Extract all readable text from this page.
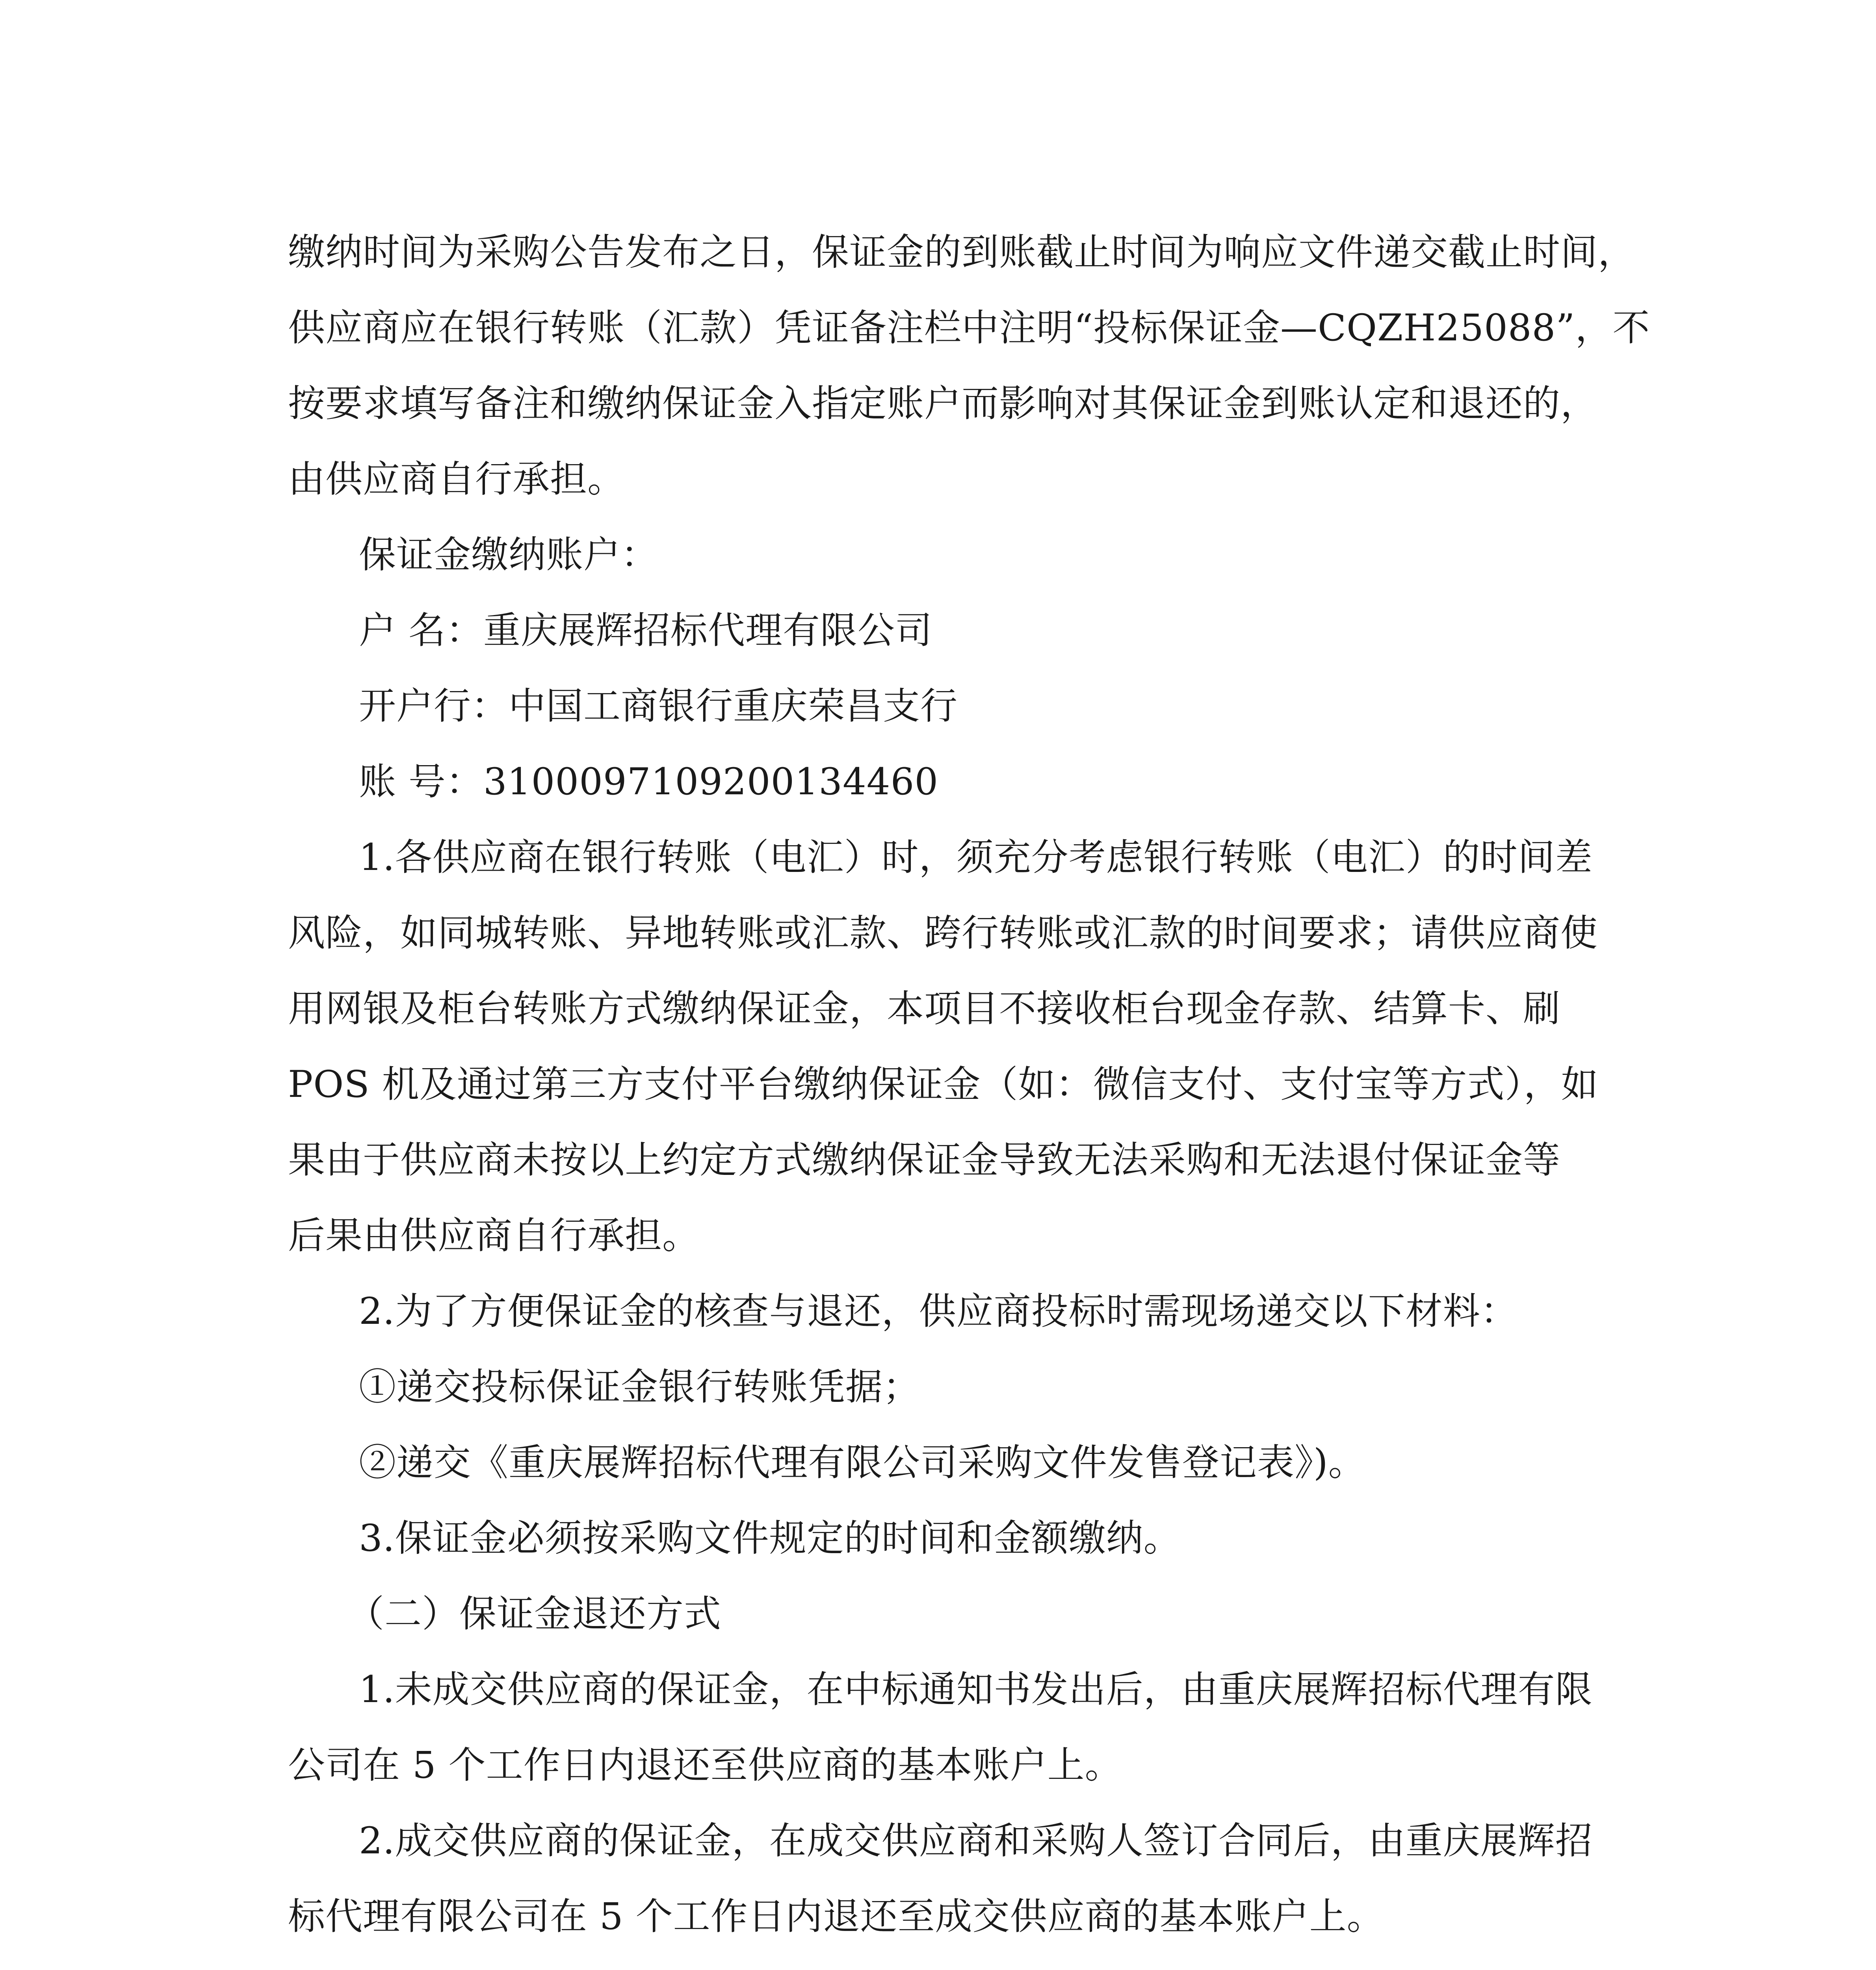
缴纳时间为采购公告发布之日，保证金的到账截止时间为响应文件递交截止时间，
供应商应在银行转账（汇款）凭证备注栏中注明“投标保证金—CQZH25088”，不
按要求填写备注和缴纳保证金入指定账户而影响对其保证金到账认定和退还的，
由供应商自行承担。
保证金缴纳账户：
户 名：重庆展辉招标代理有限公司
开户行：中国工商银行重庆荣昌支行
账 号：3100097109200134460
1.各供应商在银行转账（电汇）时，须充分考虑银行转账（电汇）的时间差
风险，如同城转账、异地转账或汇款、跨行转账或汇款的时间要求；请供应商使
用网银及柜台转账方式缴纳保证金，本项目不接收柜台现金存款、结算卡、刷
POS 机及通过第三方支付平台缴纳保证金（如：微信支付、支付宝等方式），如
果由于供应商未按以上约定方式缴纳保证金导致无法采购和无法退付保证金等
后果由供应商自行承担。
2.为了方便保证金的核查与退还，供应商投标时需现场递交以下材料：
①递交投标保证金银行转账凭据；
②递交《重庆展辉招标代理有限公司采购文件发售登记表》)。
3.保证金必须按采购文件规定的时间和金额缴纳。
（二）保证金退还方式
1.未成交供应商的保证金，在中标通知书发出后，由重庆展辉招标代理有限
公司在 5 个工作日内退还至供应商的基本账户上。
2.成交供应商的保证金，在成交供应商和采购人签订合同后，由重庆展辉招
标代理有限公司在 5 个工作日内退还至成交供应商的基本账户上。
